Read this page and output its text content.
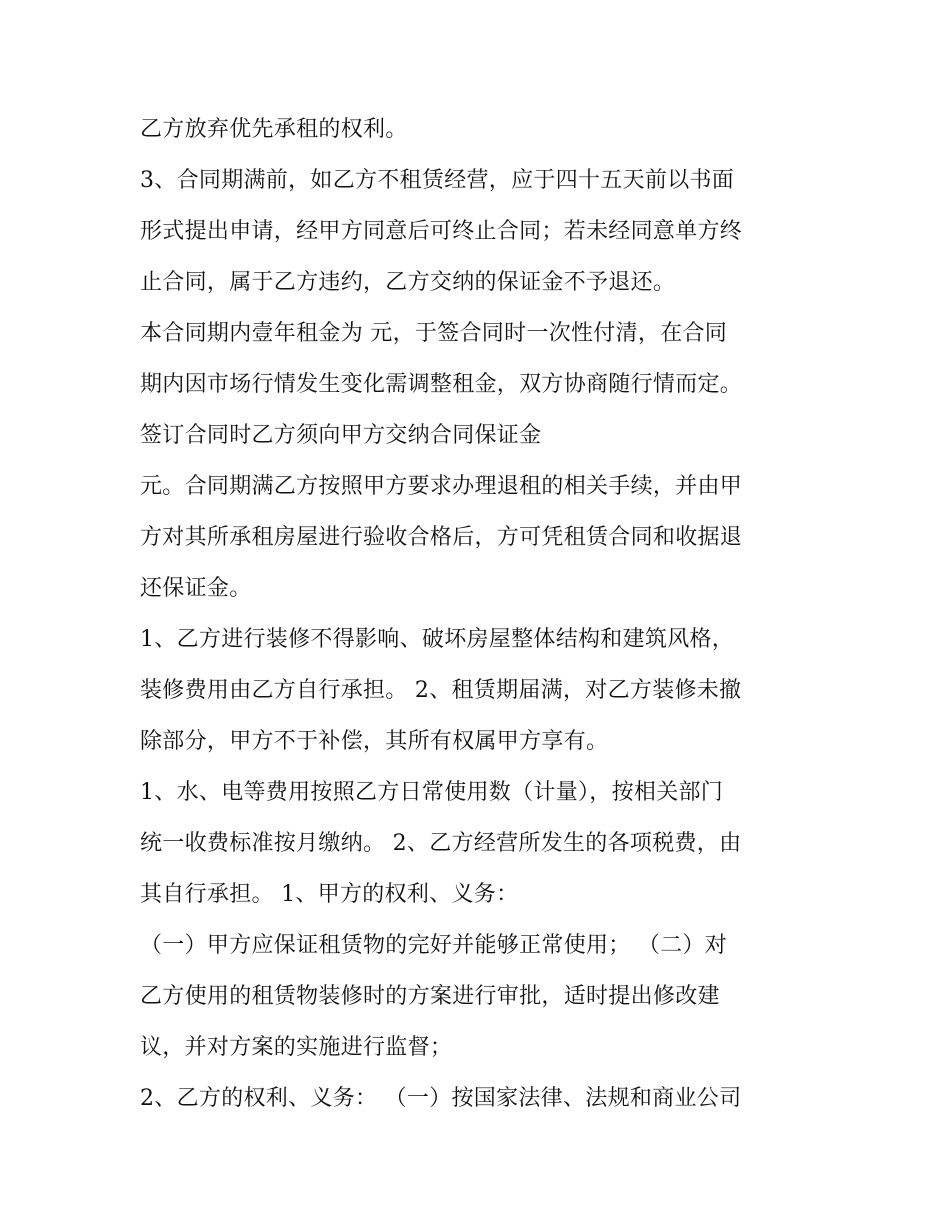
乙方放弃优先承租的权利。
3、合同期满前，如乙方不租赁经营，应于四十五天前以书面
形式提出申请，经甲方同意后可终止合同；若未经同意单方终
止合同，属于乙方违约，乙方交纳的保证金不予退还。
本合同期内壹年租金为 元，于签合同时一次性付清，在合同
期内因市场行情发生变化需调整租金，双方协商随行情而定。
签订合同时乙方须向甲方交纳合同保证金
元。合同期满乙方按照甲方要求办理退租的相关手续，并由甲
方对其所承租房屋进行验收合格后，方可凭租赁合同和收据退
还保证金。
1、乙方进行装修不得影响、破坏房屋整体结构和建筑风格，
装修费用由乙方自行承担。 2、租赁期届满，对乙方装修未撤
除部分，甲方不于补偿，其所有权属甲方享有。
1、水、电等费用按照乙方日常使用数（计量），按相关部门
统一收费标准按月缴纳。 2、乙方经营所发生的各项税费，由
其自行承担。 1、甲方的权利、义务：
（一）甲方应保证租赁物的完好并能够正常使用； （二）对
乙方使用的租赁物装修时的方案进行审批，适时提出修改建
议，并对方案的实施进行监督；
2、乙方的权利、义务： （一）按国家法律、法规和商业公司
